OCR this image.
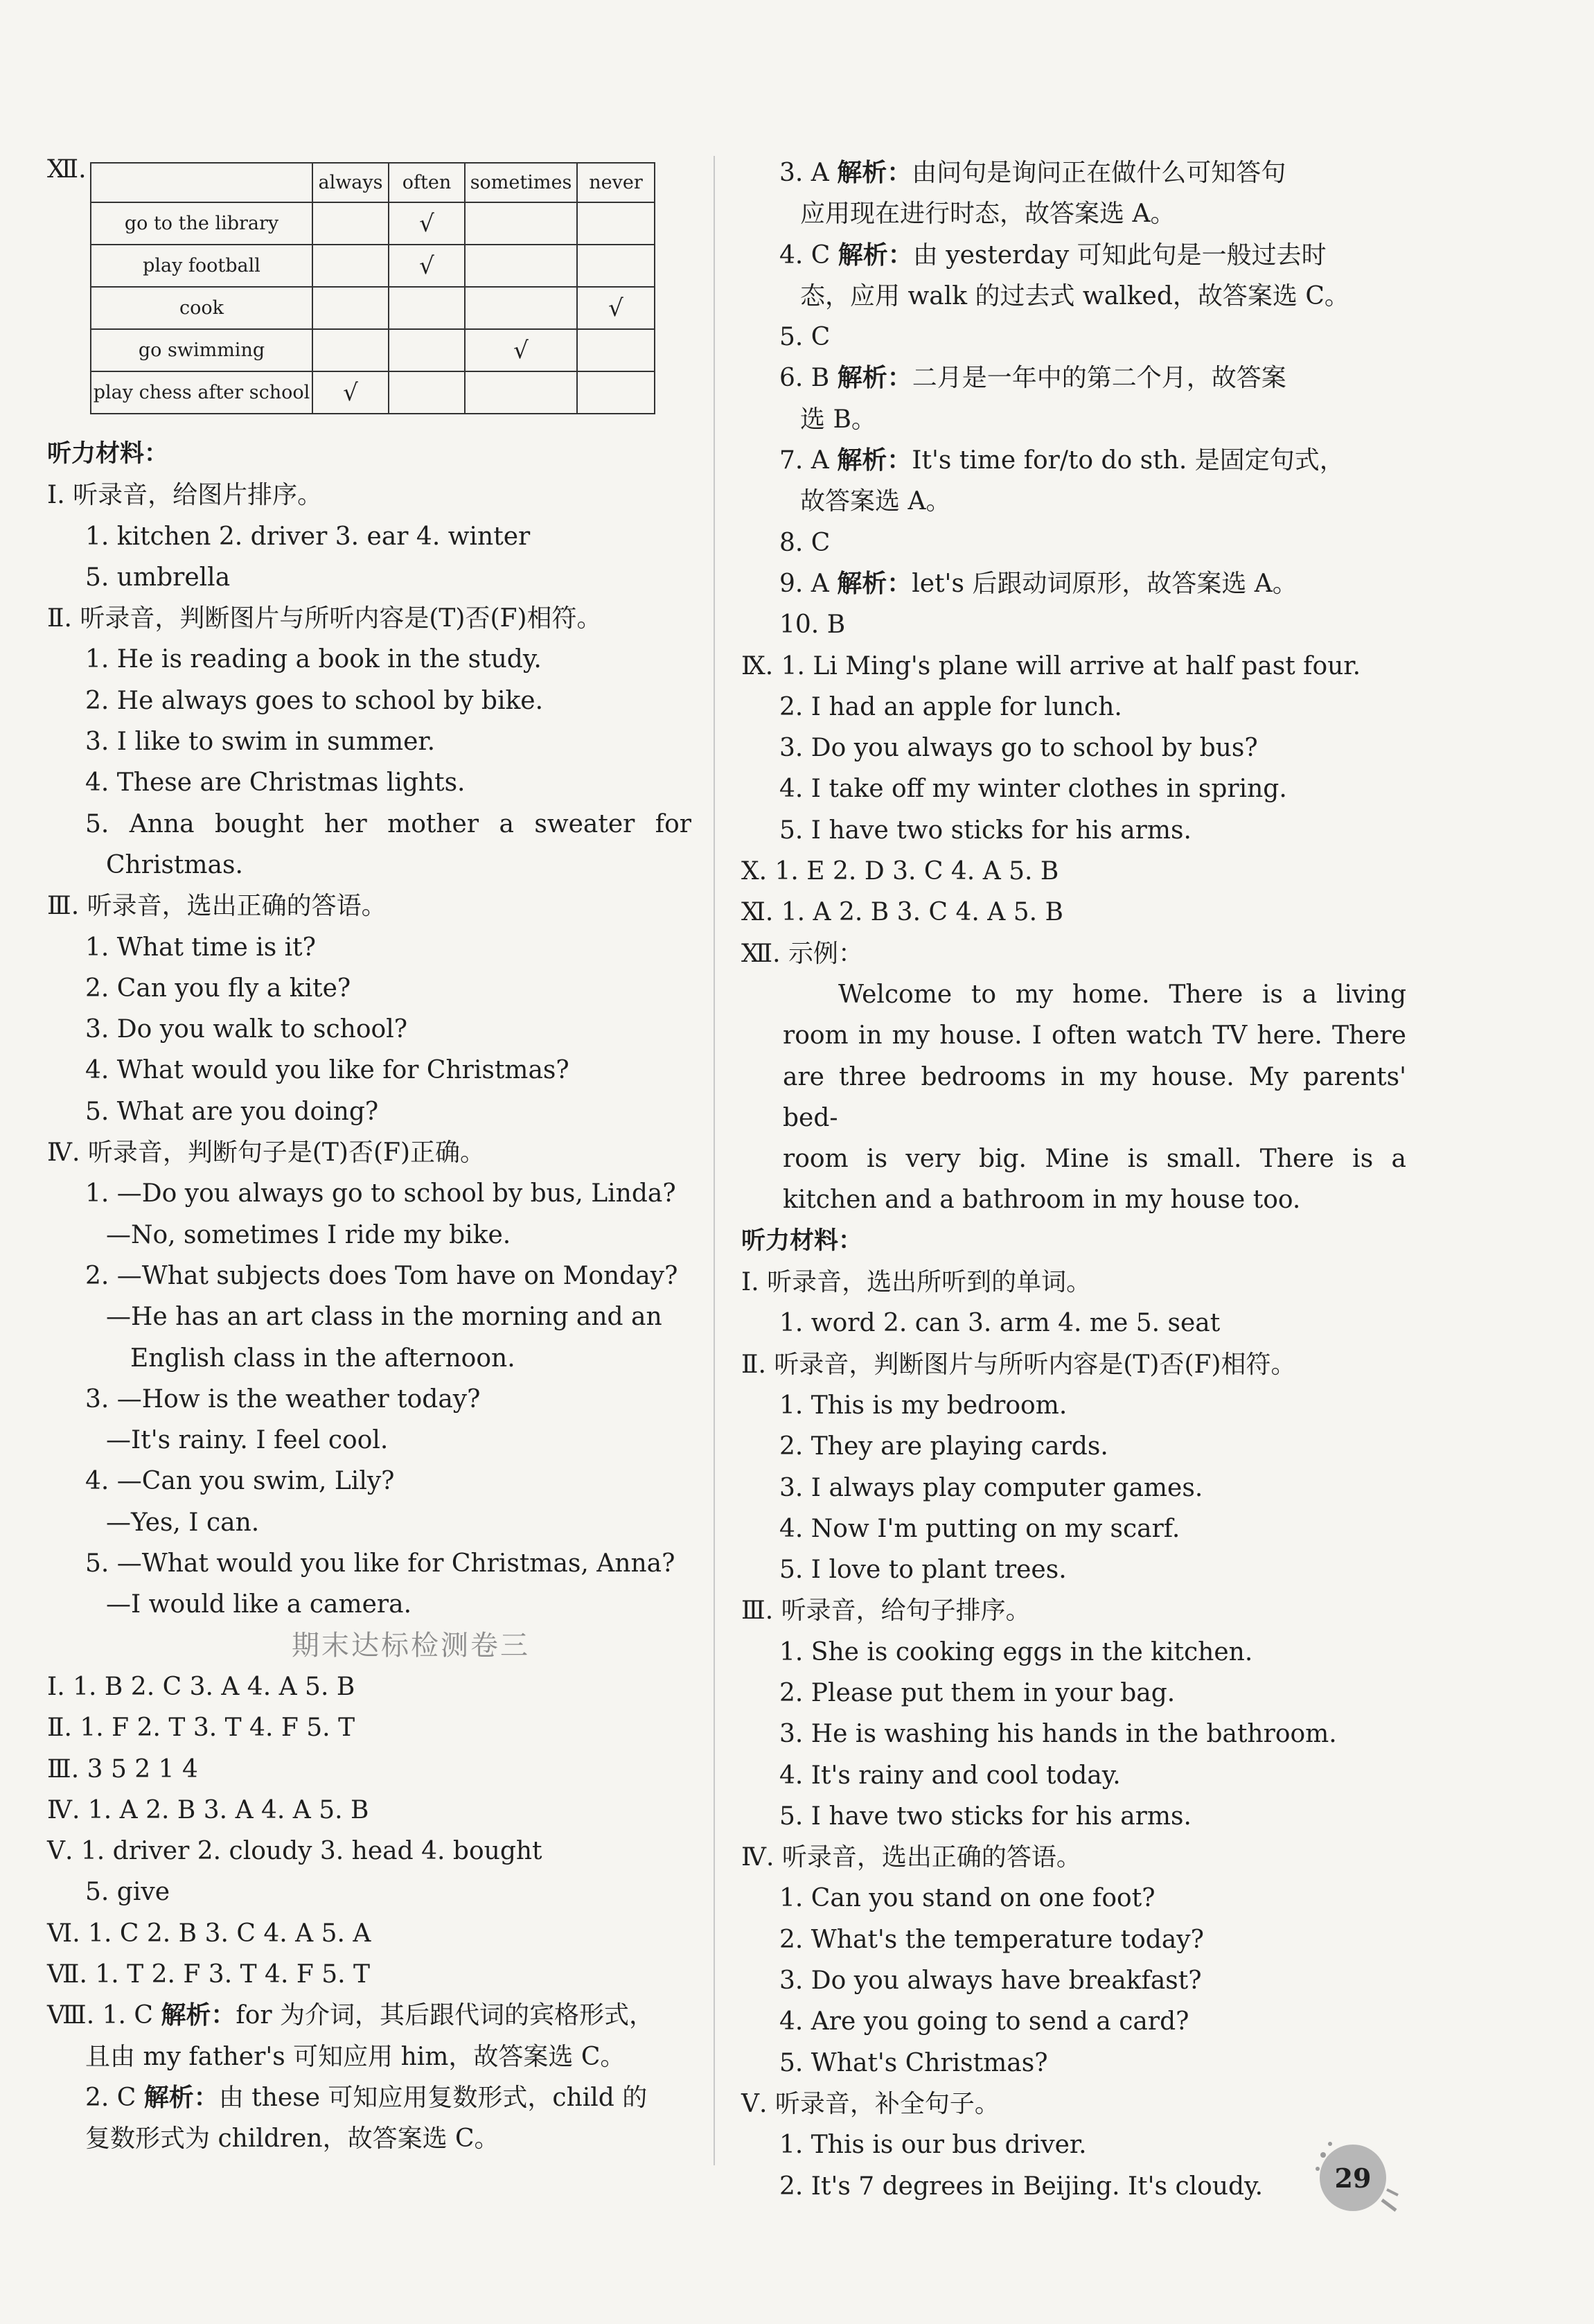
Ⅻ.
		always	often	sometimes	never
go to the library		√		
play football		√		
cook				√
go swimming			√	
play chess after school	√			
听力材料：
Ⅰ. 听录音，给图片排序。
1. kitchen 2. driver 3. ear 4. winter
5. umbrella
Ⅱ. 听录音，判断图片与所听内容是(T)否(F)相符。
1. He is reading a book in the study.
2. He always goes to school by bike.
3. I like to swim in summer.
4. These are Christmas lights.
5. Anna bought her mother a sweater for
Christmas.
Ⅲ. 听录音，选出正确的答语。
1. What time is it?
2. Can you fly a kite?
3. Do you walk to school?
4. What would you like for Christmas?
5. What are you doing?
Ⅳ. 听录音，判断句子是(T)否(F)正确。
1. —Do you always go to school by bus, Linda?
—No, sometimes I ride my bike.
2. —What subjects does Tom have on Monday?
—He has an art class in the morning and an
English class in the afternoon.
3. —How is the weather today?
—It's rainy. I feel cool.
4. —Can you swim, Lily?
—Yes, I can.
5. —What would you like for Christmas, Anna?
—I would like a camera.
期末达标检测卷三
Ⅰ. 1. B 2. C 3. A 4. A 5. B
Ⅱ. 1. F 2. T 3. T 4. F 5. T
Ⅲ. 3 5 2 1 4
Ⅳ. 1. A 2. B 3. A 4. A 5. B
Ⅴ. 1. driver 2. cloudy 3. head 4. bought
5. give
Ⅵ. 1. C 2. B 3. C 4. A 5. A
Ⅶ. 1. T 2. F 3. T 4. F 5. T
Ⅷ. 1. C 解析：for 为介词，其后跟代词的宾格形式，
且由 my father's 可知应用 him，故答案选 C。
2. C 解析：由 these 可知应用复数形式，child 的
复数形式为 children，故答案选 C。
3. A 解析：由问句是询问正在做什么可知答句
应用现在进行时态，故答案选 A。
4. C 解析：由 yesterday 可知此句是一般过去时
态，应用 walk 的过去式 walked，故答案选 C。
5. C
6. B 解析：二月是一年中的第二个月，故答案
选 B。
7. A 解析：It's time for/to do sth. 是固定句式，
故答案选 A。
8. C
9. A 解析：let's 后跟动词原形，故答案选 A。
10. B
Ⅸ. 1. Li Ming's plane will arrive at half past four.
2. I had an apple for lunch.
3. Do you always go to school by bus?
4. I take off my winter clothes in spring.
5. I have two sticks for his arms.
Ⅹ. 1. E 2. D 3. C 4. A 5. B
Ⅺ. 1. A 2. B 3. C 4. A 5. B
Ⅻ. 示例：
Welcome to my home. There is a living
room in my house. I often watch TV here. There
are three bedrooms in my house. My parents' bed-
room is very big. Mine is small. There is a
kitchen and a bathroom in my house too.
听力材料：
Ⅰ. 听录音，选出所听到的单词。
1. word 2. can 3. arm 4. me 5. seat
Ⅱ. 听录音，判断图片与所听内容是(T)否(F)相符。
1. This is my bedroom.
2. They are playing cards.
3. I always play computer games.
4. Now I'm putting on my scarf.
5. I love to plant trees.
Ⅲ. 听录音，给句子排序。
1. She is cooking eggs in the kitchen.
2. Please put them in your bag.
3. He is washing his hands in the bathroom.
4. It's rainy and cool today.
5. I have two sticks for his arms.
Ⅳ. 听录音，选出正确的答语。
1. Can you stand on one foot?
2. What's the temperature today?
3. Do you always have breakfast?
4. Are you going to send a card?
5. What's Christmas?
Ⅴ. 听录音，补全句子。
1. This is our bus driver.
2. It's 7 degrees in Beijing. It's cloudy.	29
